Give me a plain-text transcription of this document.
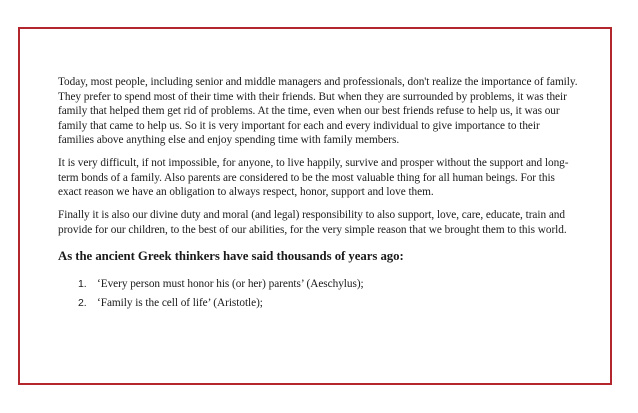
Today, most people, including senior and middle managers and professionals, don't realize the importance of family. They prefer to spend most of their time with their friends. But when they are surrounded by problems, it was their family that helped them get rid of problems. At the time, even when our best friends refuse to help us, it was our family that came to help us. So it is very important for each and every individual to give importance to their families above anything else and enjoy spending time with family members.

It is very difficult, if not impossible, for anyone, to live happily, survive and prosper without the support and long-term bonds of a family. Also parents are considered to be the most valuable thing for all human beings. For this exact reason we have an obligation to always respect, honor, support and love them.

Finally it is also our divine duty and moral (and legal) responsibility to also support, love, care, educate, train and provide for our children, to the best of our abilities, for the very simple reason that we brought them to this world.

As the ancient Greek thinkers have said thousands of years ago:

1. ‘Every person must honor his (or her) parents’ (Aeschylus);
2. ‘Family is the cell of life’ (Aristotle);
